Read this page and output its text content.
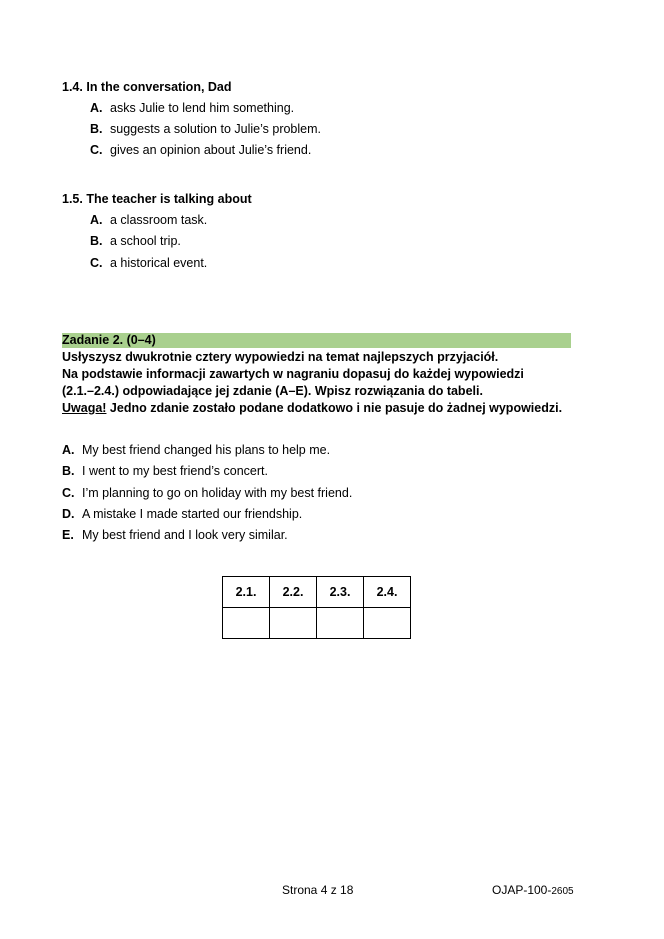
1.4. In the conversation, Dad
A. asks Julie to lend him something.
B. suggests a solution to Julie’s problem.
C. gives an opinion about Julie’s friend.
1.5. The teacher is talking about
A. a classroom task.
B. a school trip.
C. a historical event.
Zadanie 2. (0–4)
Usłyszysz dwukrotnie cztery wypowiedzi na temat najlepszych przyjaciół.
Na podstawie informacji zawartych w nagraniu dopasuj do każdej wypowiedzi
(2.1.–2.4.) odpowiadające jej zdanie (A–E). Wpisz rozwiązania do tabeli.
Uwaga! Jedno zdanie zostało podane dodatkowo i nie pasuje do żadnej wypowiedzi.
A. My best friend changed his plans to help me.
B. I went to my best friend’s concert.
C. I’m planning to go on holiday with my best friend.
D. A mistake I made started our friendship.
E. My best friend and I look very similar.
2.1.	2.2.	2.3.	2.4.

Strona 4 z 18	OJAP-100-2605
